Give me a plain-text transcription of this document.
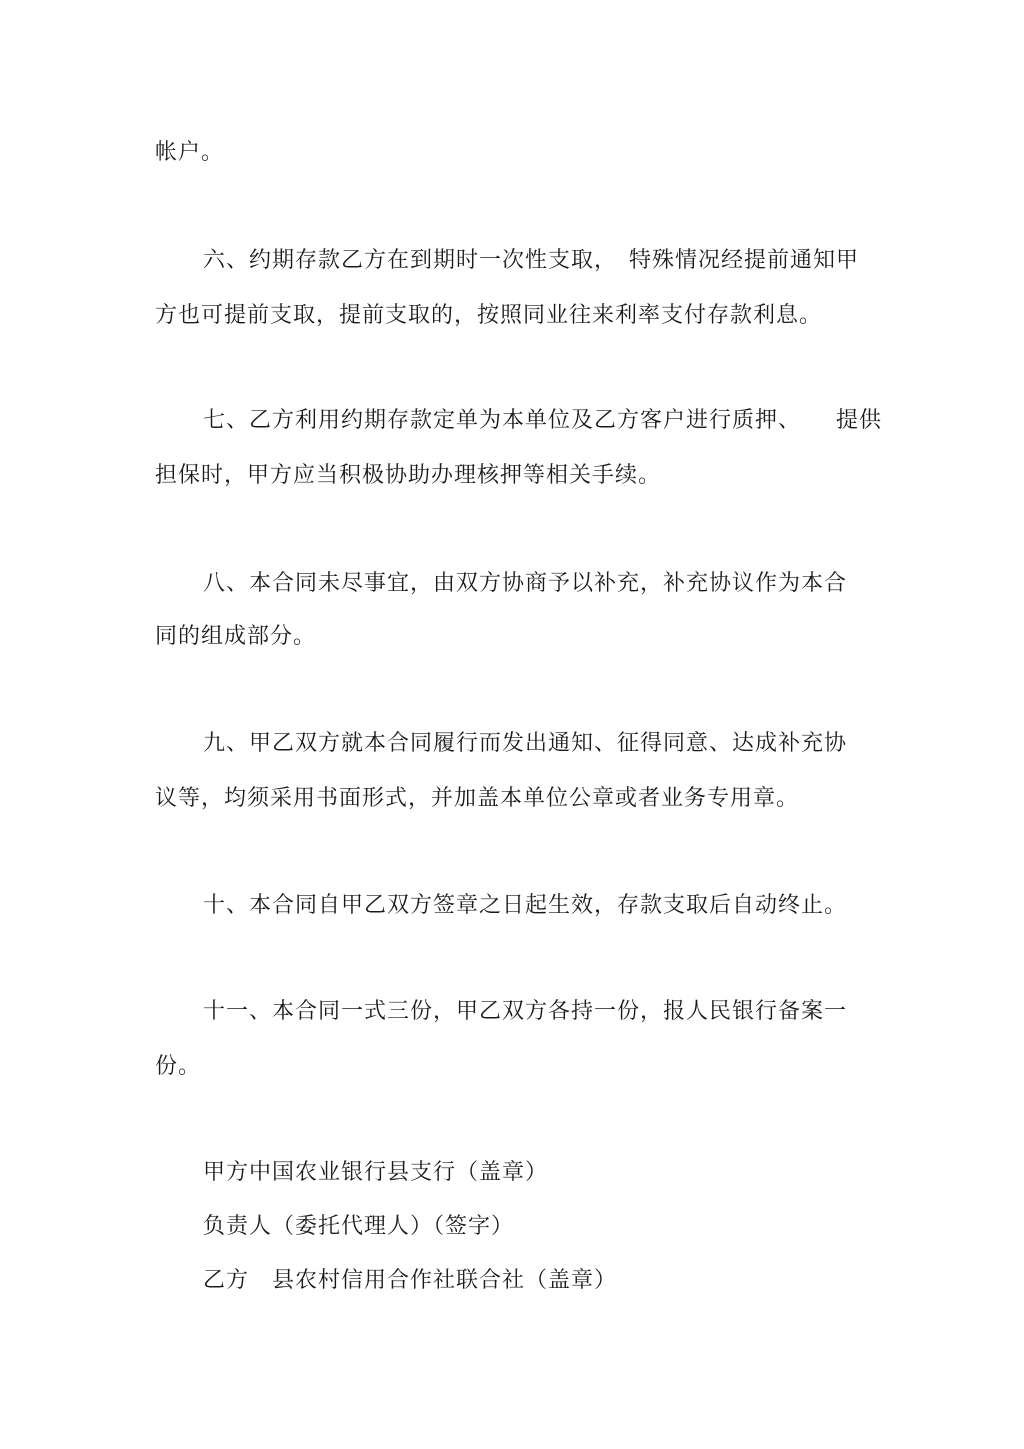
帐户。
六、约期存款乙方在到期时一次性支取，　特殊情况经提前通知甲
方也可提前支取，提前支取的，按照同业往来利率支付存款利息。
七、乙方利用约期存款定单为本单位及乙方客户进行质押、　　提供
担保时，甲方应当积极协助办理核押等相关手续。
八、本合同未尽事宜，由双方协商予以补充，补充协议作为本合
同的组成部分。
九、甲乙双方就本合同履行而发出通知、征得同意、达成补充协
议等，均须采用书面形式，并加盖本单位公章或者业务专用章。
十、本合同自甲乙双方签章之日起生效，存款支取后自动终止。
十一、本合同一式三份，甲乙双方各持一份，报人民银行备案一
份。
甲方中国农业银行县支行（盖章）
负责人（委托代理人）（签字）
乙方　县农村信用合作社联合社（盖章）
